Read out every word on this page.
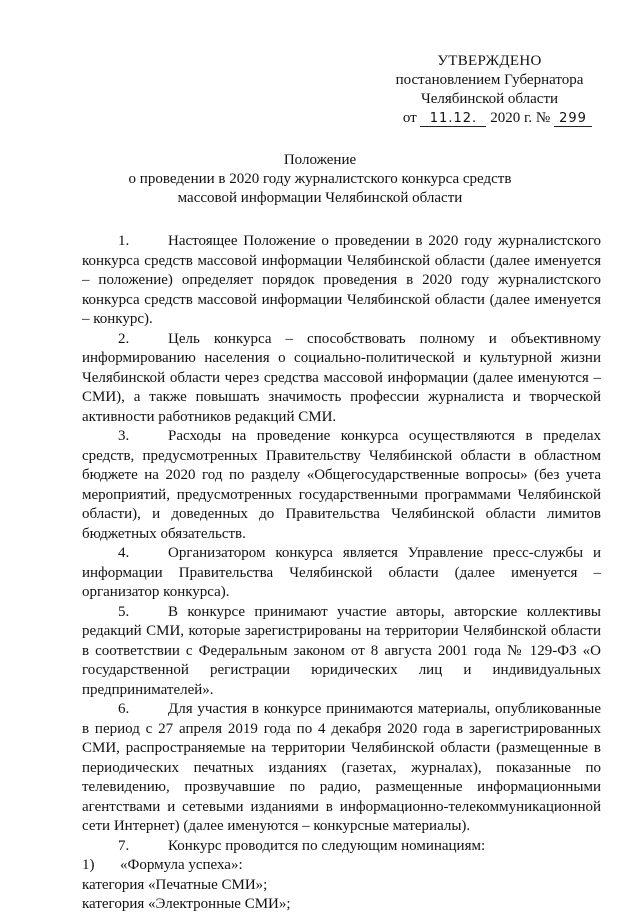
УТВЕРЖДЕНО
постановлением Губернатора
Челябинской области
от 11.12. 2020 г. № 299
Положение
о проведении в 2020 году журналистского конкурса средств
массовой информации Челябинской области

1.	Настоящее Положение о проведении в 2020 году журналистского конкурса средств массовой информации Челябинской области (далее именуется – положение) определяет порядок проведения в 2020 году журналистского конкурса средств массовой информации Челябинской области (далее именуется – конкурс).

2.	Цель конкурса – способствовать полному и объективному информированию населения о социально-политической и культурной жизни Челябинской области через средства массовой информации (далее именуются – СМИ), а также повышать значимость профессии журналиста и творческой активности работников редакций СМИ.

3.	Расходы на проведение конкурса осуществляются в пределах средств, предусмотренных Правительству Челябинской области в областном бюджете на 2020 год по разделу «Общегосударственные вопросы» (без учета мероприятий, предусмотренных государственными программами Челябинской области), и доведенных до Правительства Челябинской области лимитов бюджетных обязательств.

4.	Организатором конкурса является Управление пресс-службы и информации Правительства Челябинской области (далее именуется – организатор конкурса).

5.	В конкурсе принимают участие авторы, авторские коллективы редакций СМИ, которые зарегистрированы на территории Челябинской области в соответствии с Федеральным законом от 8 августа 2001 года № 129-ФЗ «О государственной регистрации юридических лиц и индивидуальных предпринимателей».

6.	Для участия в конкурсе принимаются материалы, опубликованные в период с 27 апреля 2019 года по 4 декабря 2020 года в зарегистрированных СМИ, распространяемые на территории Челябинской области (размещенные в периодических печатных изданиях (газетах, журналах), показанные по телевидению, прозвучавшие по радио, размещенные информационными агентствами и сетевыми изданиями в информационно-телекоммуникационной сети Интернет) (далее именуются – конкурсные материалы).

7.	Конкурс проводится по следующим номинациям:

1) «Формула успеха»:

категория «Печатные СМИ»;

категория «Электронные СМИ»;
